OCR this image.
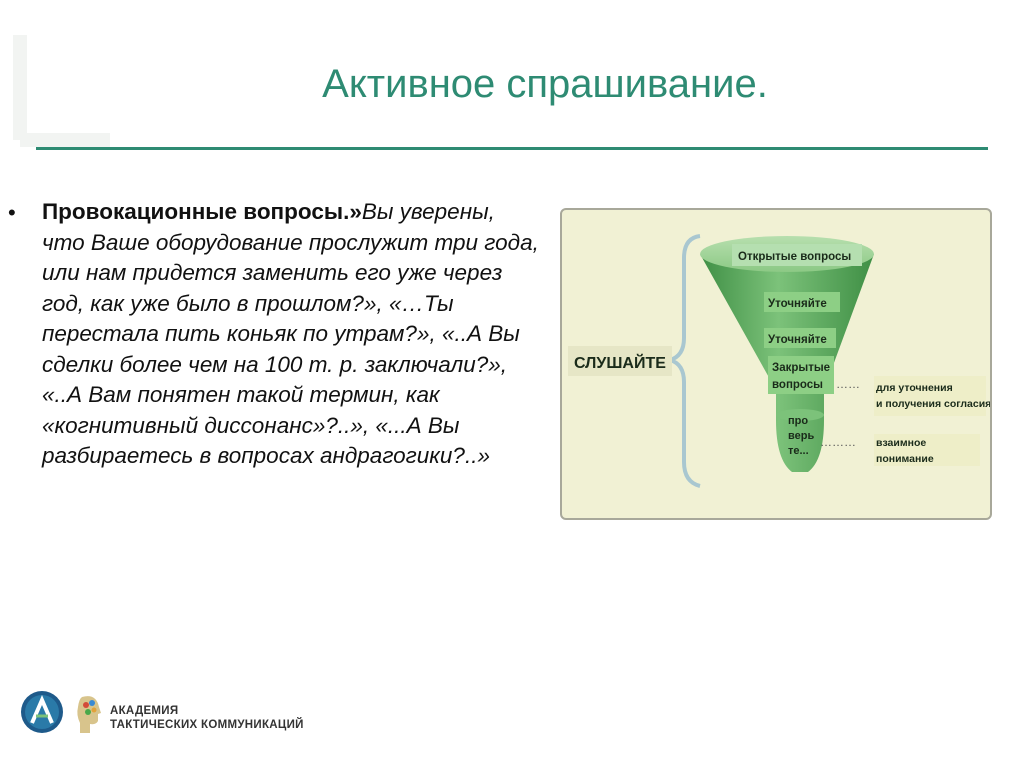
Активное спрашивание.
• Провокационные вопросы.»Вы уверены, что Ваше оборудование прослужит три года, или нам придется заменить его уже через год, как уже было в прошлом?», «…Ты перестала пить коньяк по утрам?», «..А Вы сделки более чем на 100 т. р. заключали?», «..А Вам понятен такой термин, как «когнитивный диссонанс»?..», «...А Вы разбираетесь в вопросах андрагогики?..»
СЛУШАЙТЕ
Открытые вопросы
Уточняйте
Уточняйте
Закрытые
вопросы
про
верь
те...
……
………
для уточнения
и получения согласия
взаимное
понимание
АКАДЕМИЯ
ТАКТИЧЕСКИХ КОММУНИКАЦИЙ
